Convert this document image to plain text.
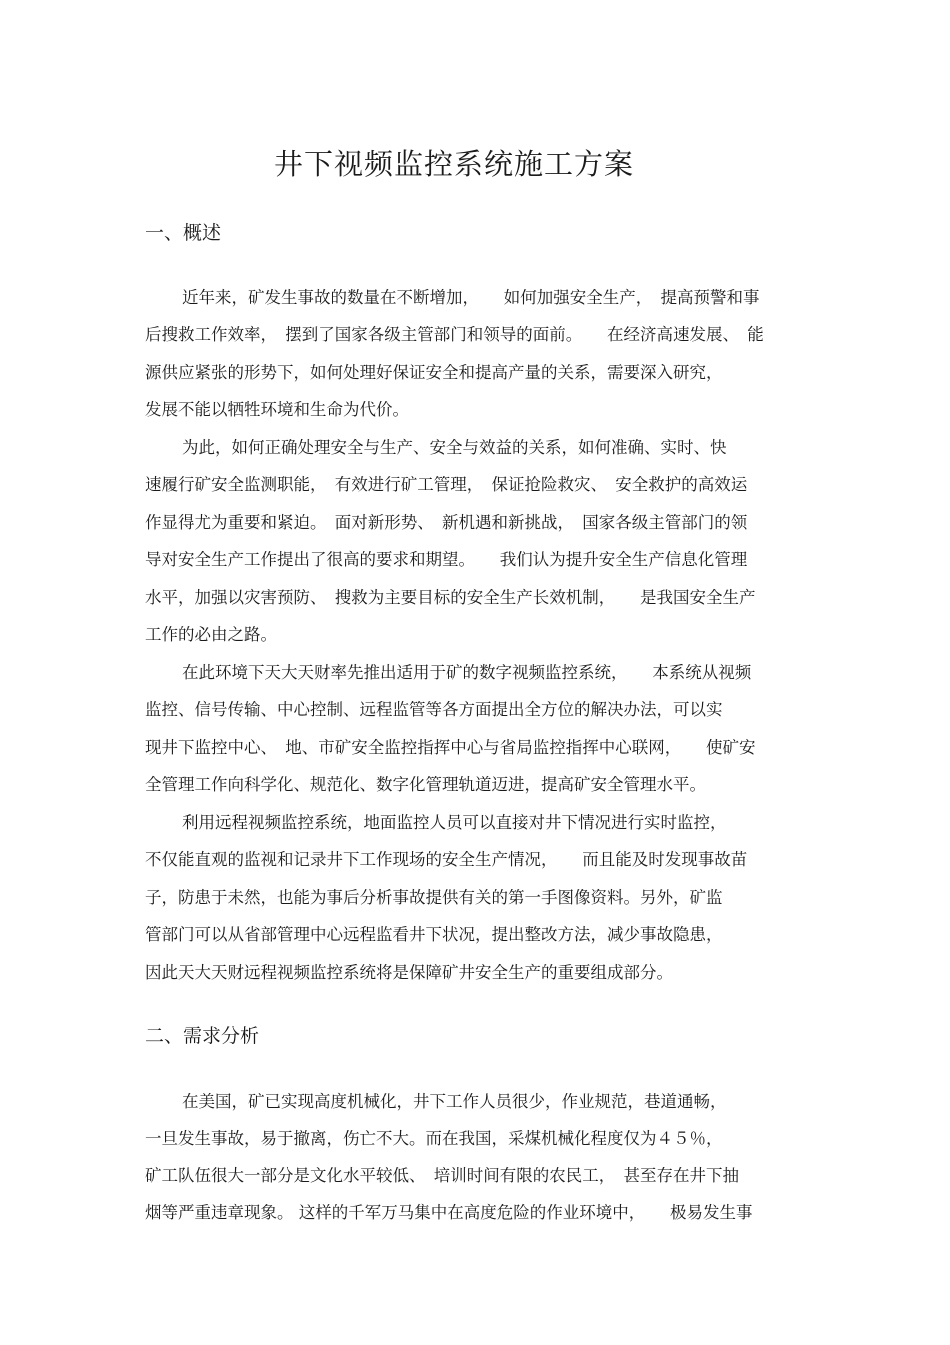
井下视频监控系统施工方案
一、概述

近年来，矿发生事故的数量在不断增加，　　如何加强安全生产，　提高预警和事

后搜救工作效率，　摆到了国家各级主管部门和领导的面前。　　在经济高速发展、　能

源供应紧张的形势下，如何处理好保证安全和提高产量的关系，需要深入研究，

发展不能以牺牲环境和生命为代价。

为此，如何正确处理安全与生产、安全与效益的关系，如何准确、实时、快

速履行矿安全监测职能，　有效进行矿工管理，　保证抢险救灾、　安全救护的高效运

作显得尤为重要和紧迫。　面对新形势、　新机遇和新挑战，　国家各级主管部门的领

导对安全生产工作提出了很高的要求和期望。　　我们认为提升安全生产信息化管理

水平，加强以灾害预防、　搜救为主要目标的安全生产长效机制，　　是我国安全生产

工作的必由之路。

在此环境下天大天财率先推出适用于矿的数字视频监控系统，　　本系统从视频

监控、信号传输、中心控制、远程监管等各方面提出全方位的解决办法，可以实

现井下监控中心、　地、市矿安全监控指挥中心与省局监控指挥中心联网，　　使矿安

全管理工作向科学化、规范化、数字化管理轨道迈进，提高矿安全管理水平。

利用远程视频监控系统，地面监控人员可以直接对井下情况进行实时监控，

不仅能直观的监视和记录井下工作现场的安全生产情况，　　而且能及时发现事故苗

子，防患于未然，也能为事后分析事故提供有关的第一手图像资料。另外，矿监

管部门可以从省部管理中心远程监看井下状况，提出整改方法，减少事故隐患，

因此天大天财远程视频监控系统将是保障矿井安全生产的重要组成部分。

二、需求分析

在美国，矿已实现高度机械化，井下工作人员很少，作业规范，巷道通畅，

一旦发生事故，易于撤离，伤亡不大。而在我国，采煤机械化程度仅为４５％，

矿工队伍很大一部分是文化水平较低、　培训时间有限的农民工，　甚至存在井下抽

烟等严重违章现象。 这样的千军万马集中在高度危险的作业环境中，　　极易发生事
